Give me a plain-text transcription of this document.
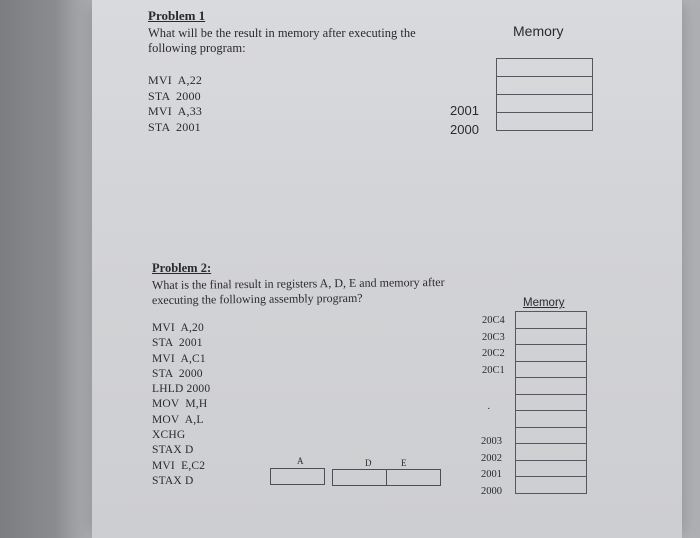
Problem 1
What will be the result in memory after executing the
following program:
MVI  A,22
STA  2000
MVI  A,33
STA  2001
2001
2000
Memory
Problem 2:
What is the final result in registers A, D, E and memory after
executing the following assembly program?
MVI  A,20
STA  2001
MVI  A,C1
STA  2000
LHLD 2000
MOV  M,H
MOV  A,L
XCHG
STAX D
MVI  E,C2
STAX D
Memory
20C4
20C3
20C2
20C1
·
2003
2002
2001
2000
A	D	E
